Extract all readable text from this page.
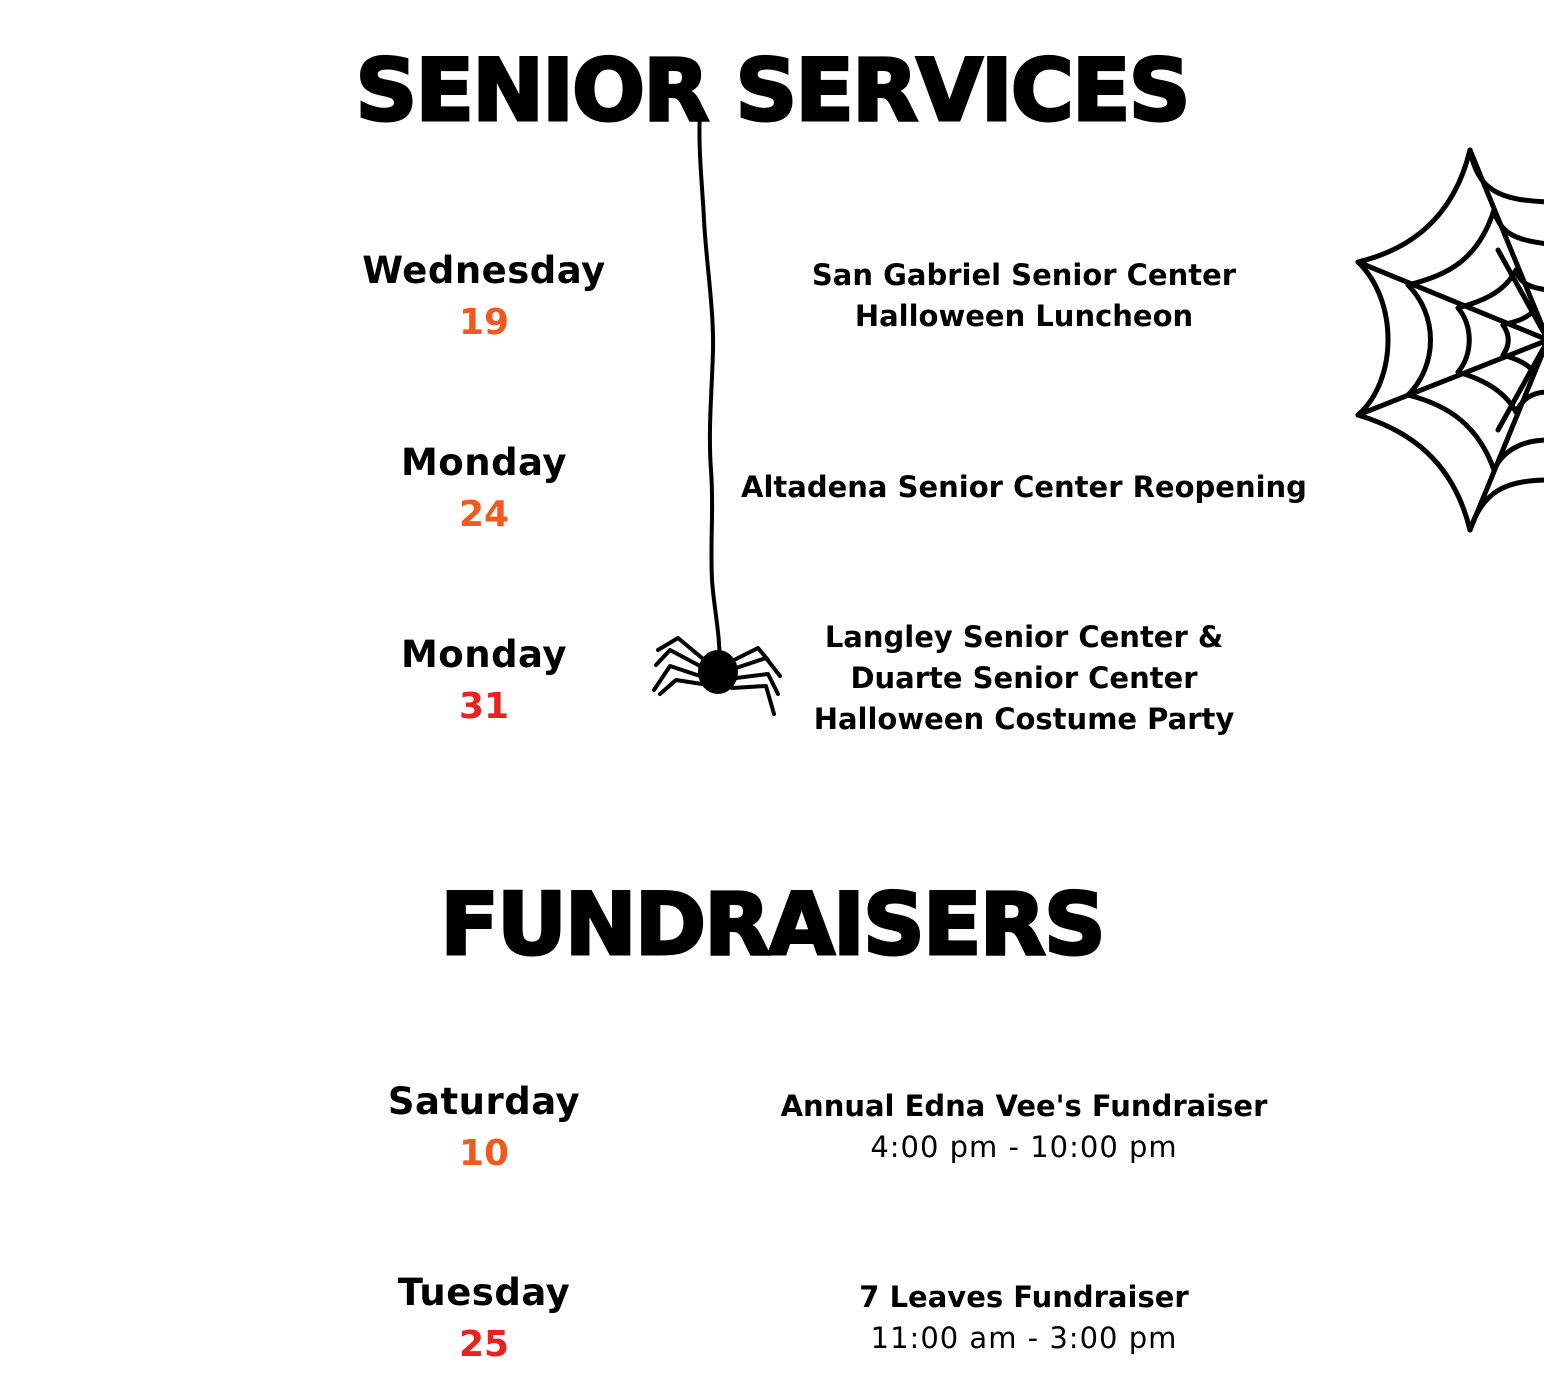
SENIOR SERVICES
Wednesday
19
San Gabriel Senior Center
Halloween Luncheon
Monday
24
Altadena Senior Center Reopening
Monday
31
Langley Senior Center &
Duarte Senior Center
Halloween Costume Party
FUNDRAISERS
Saturday
10
Annual Edna Vee's Fundraiser
4:00 pm - 10:00 pm
Tuesday
25
7 Leaves Fundraiser
11:00 am - 3:00 pm
